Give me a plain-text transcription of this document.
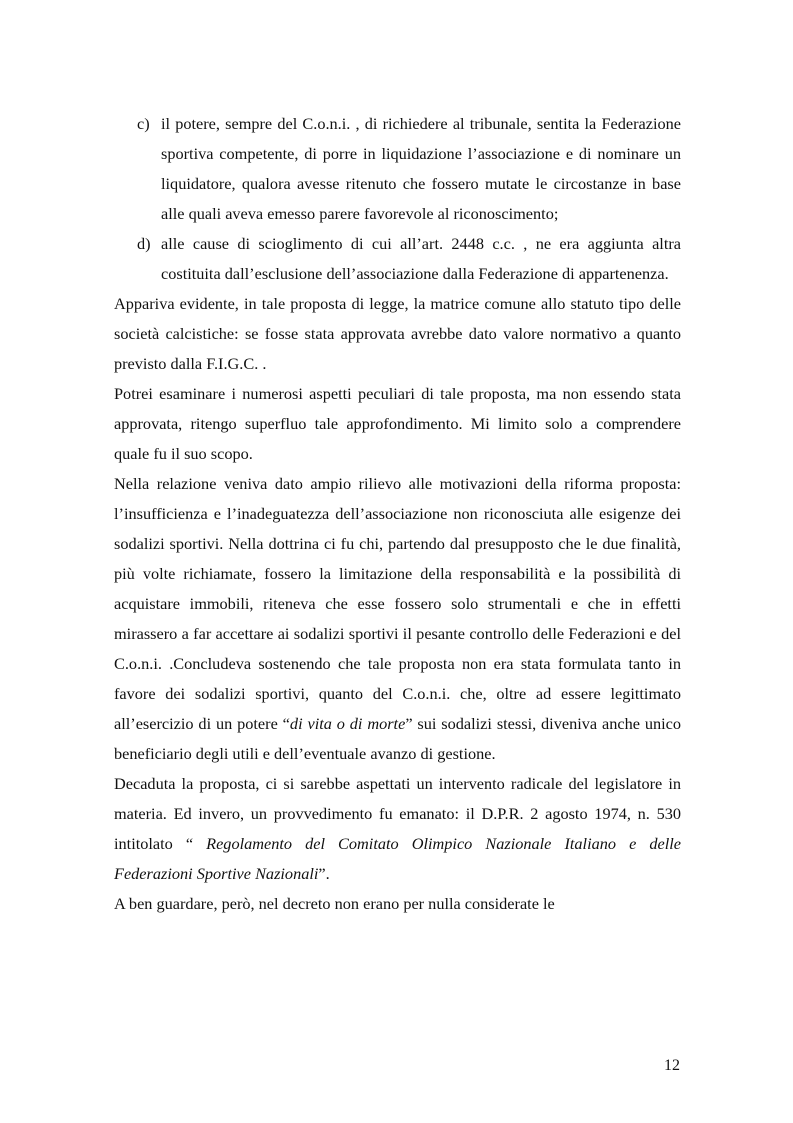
c) il potere, sempre del C.o.n.i. , di richiedere al tribunale, sentita la Federazione sportiva competente, di porre in liquidazione l’associazione e di nominare un liquidatore, qualora avesse ritenuto che fossero mutate le circostanze in base alle quali aveva emesso parere favorevole al riconoscimento;
d) alle cause di scioglimento di cui all’art. 2448 c.c. , ne era aggiunta altra costituita dall’esclusione dell’associazione dalla Federazione di appartenenza.

Appariva evidente, in tale proposta di legge, la matrice comune allo statuto tipo delle società calcistiche: se fosse stata approvata avrebbe dato valore normativo a quanto previsto dalla F.I.G.C. .

Potrei esaminare i numerosi aspetti peculiari di tale proposta, ma non essendo stata approvata, ritengo superfluo tale approfondimento. Mi limito solo a comprendere quale fu il suo scopo.

Nella relazione veniva dato ampio rilievo alle motivazioni della riforma proposta: l’insufficienza e l’inadeguatezza dell’associazione non riconosciuta alle esigenze dei sodalizi sportivi. Nella dottrina ci fu chi, partendo dal presupposto che le due finalità, più volte richiamate, fossero la limitazione della responsabilità e la possibilità di acquistare immobili, riteneva che esse fossero solo strumentali e che in effetti mirassero a far accettare ai sodalizi sportivi il pesante controllo delle Federazioni e del C.o.n.i. .Concludeva sostenendo che tale proposta non era stata formulata tanto in favore dei sodalizi sportivi, quanto del C.o.n.i. che, oltre ad essere legittimato all’esercizio di un potere “di vita o di morte” sui sodalizi stessi, diveniva anche unico beneficiario degli utili e dell’eventuale avanzo di gestione.

Decaduta la proposta, ci si sarebbe aspettati un intervento radicale del legislatore in materia. Ed invero, un provvedimento fu emanato: il D.P.R. 2 agosto 1974, n. 530 intitolato “ Regolamento del Comitato Olimpico Nazionale Italiano e delle Federazioni Sportive Nazionali”.

A ben guardare, però, nel decreto non erano per nulla considerate le

12
